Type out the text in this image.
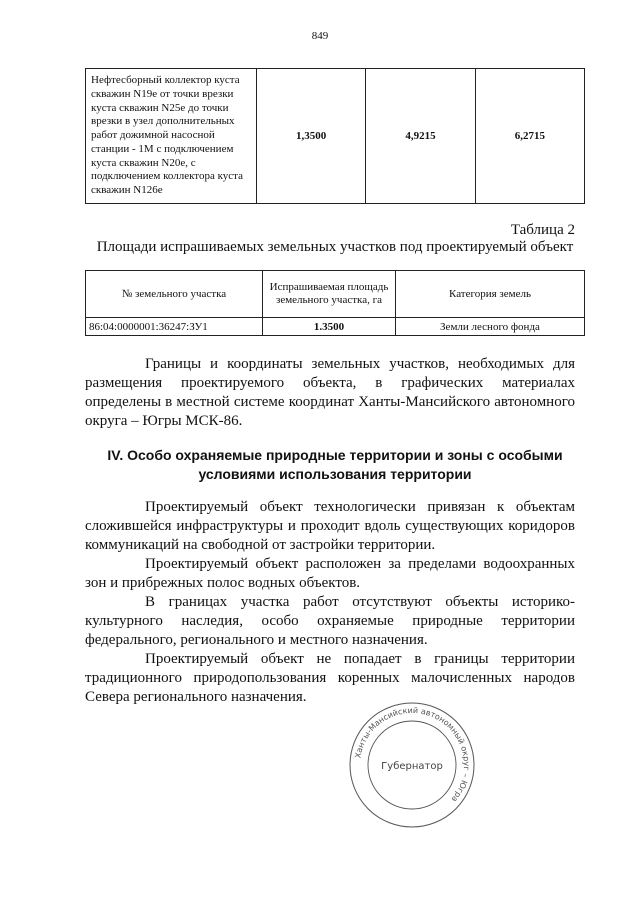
849
Нефтесборный коллектор куста скважин N19е от точки врезки куста скважин N25е до точки врезки в узел дополнительных работ дожимной насосной станции - 1М с подключением куста скважин N20е, с подключением коллектора куста скважин N126е	1,3500	4,9215	6,2715
Таблица 2
Площади испрашиваемых земельных участков под проектируемый объект
№ земельного участка	Испрашиваемая площадь земельного участка, га	Категория земель
86:04:0000001:36247:ЗУ1	1.3500	Земли лесного фонда

Границы и координаты земельных участков, необходимых для размещения проектируемого объекта, в графических материалах определены в местной системе координат Ханты-Мансийского автономного округа – Югры МСК-86.

IV. Особо охраняемые природные территории и зоны с особыми условиями использования территории

Проектируемый объект технологически привязан к объектам сложившейся инфраструктуры и проходит вдоль существующих коридоров коммуникаций на свободной от застройки территории.

Проектируемый объект расположен за пределами водоохранных зон и прибрежных полос водных объектов.

В границах участка работ отсутствуют объекты историко-культурного наследия, особо охраняемые природные территории федерального, регионального и местного назначения.

Проектируемый объект не попадает в границы территории традиционного природопользования коренных малочисленных народов Севера регионального назначения.

Ханты-Мансийский автономный округ – Югра
Губернатор
